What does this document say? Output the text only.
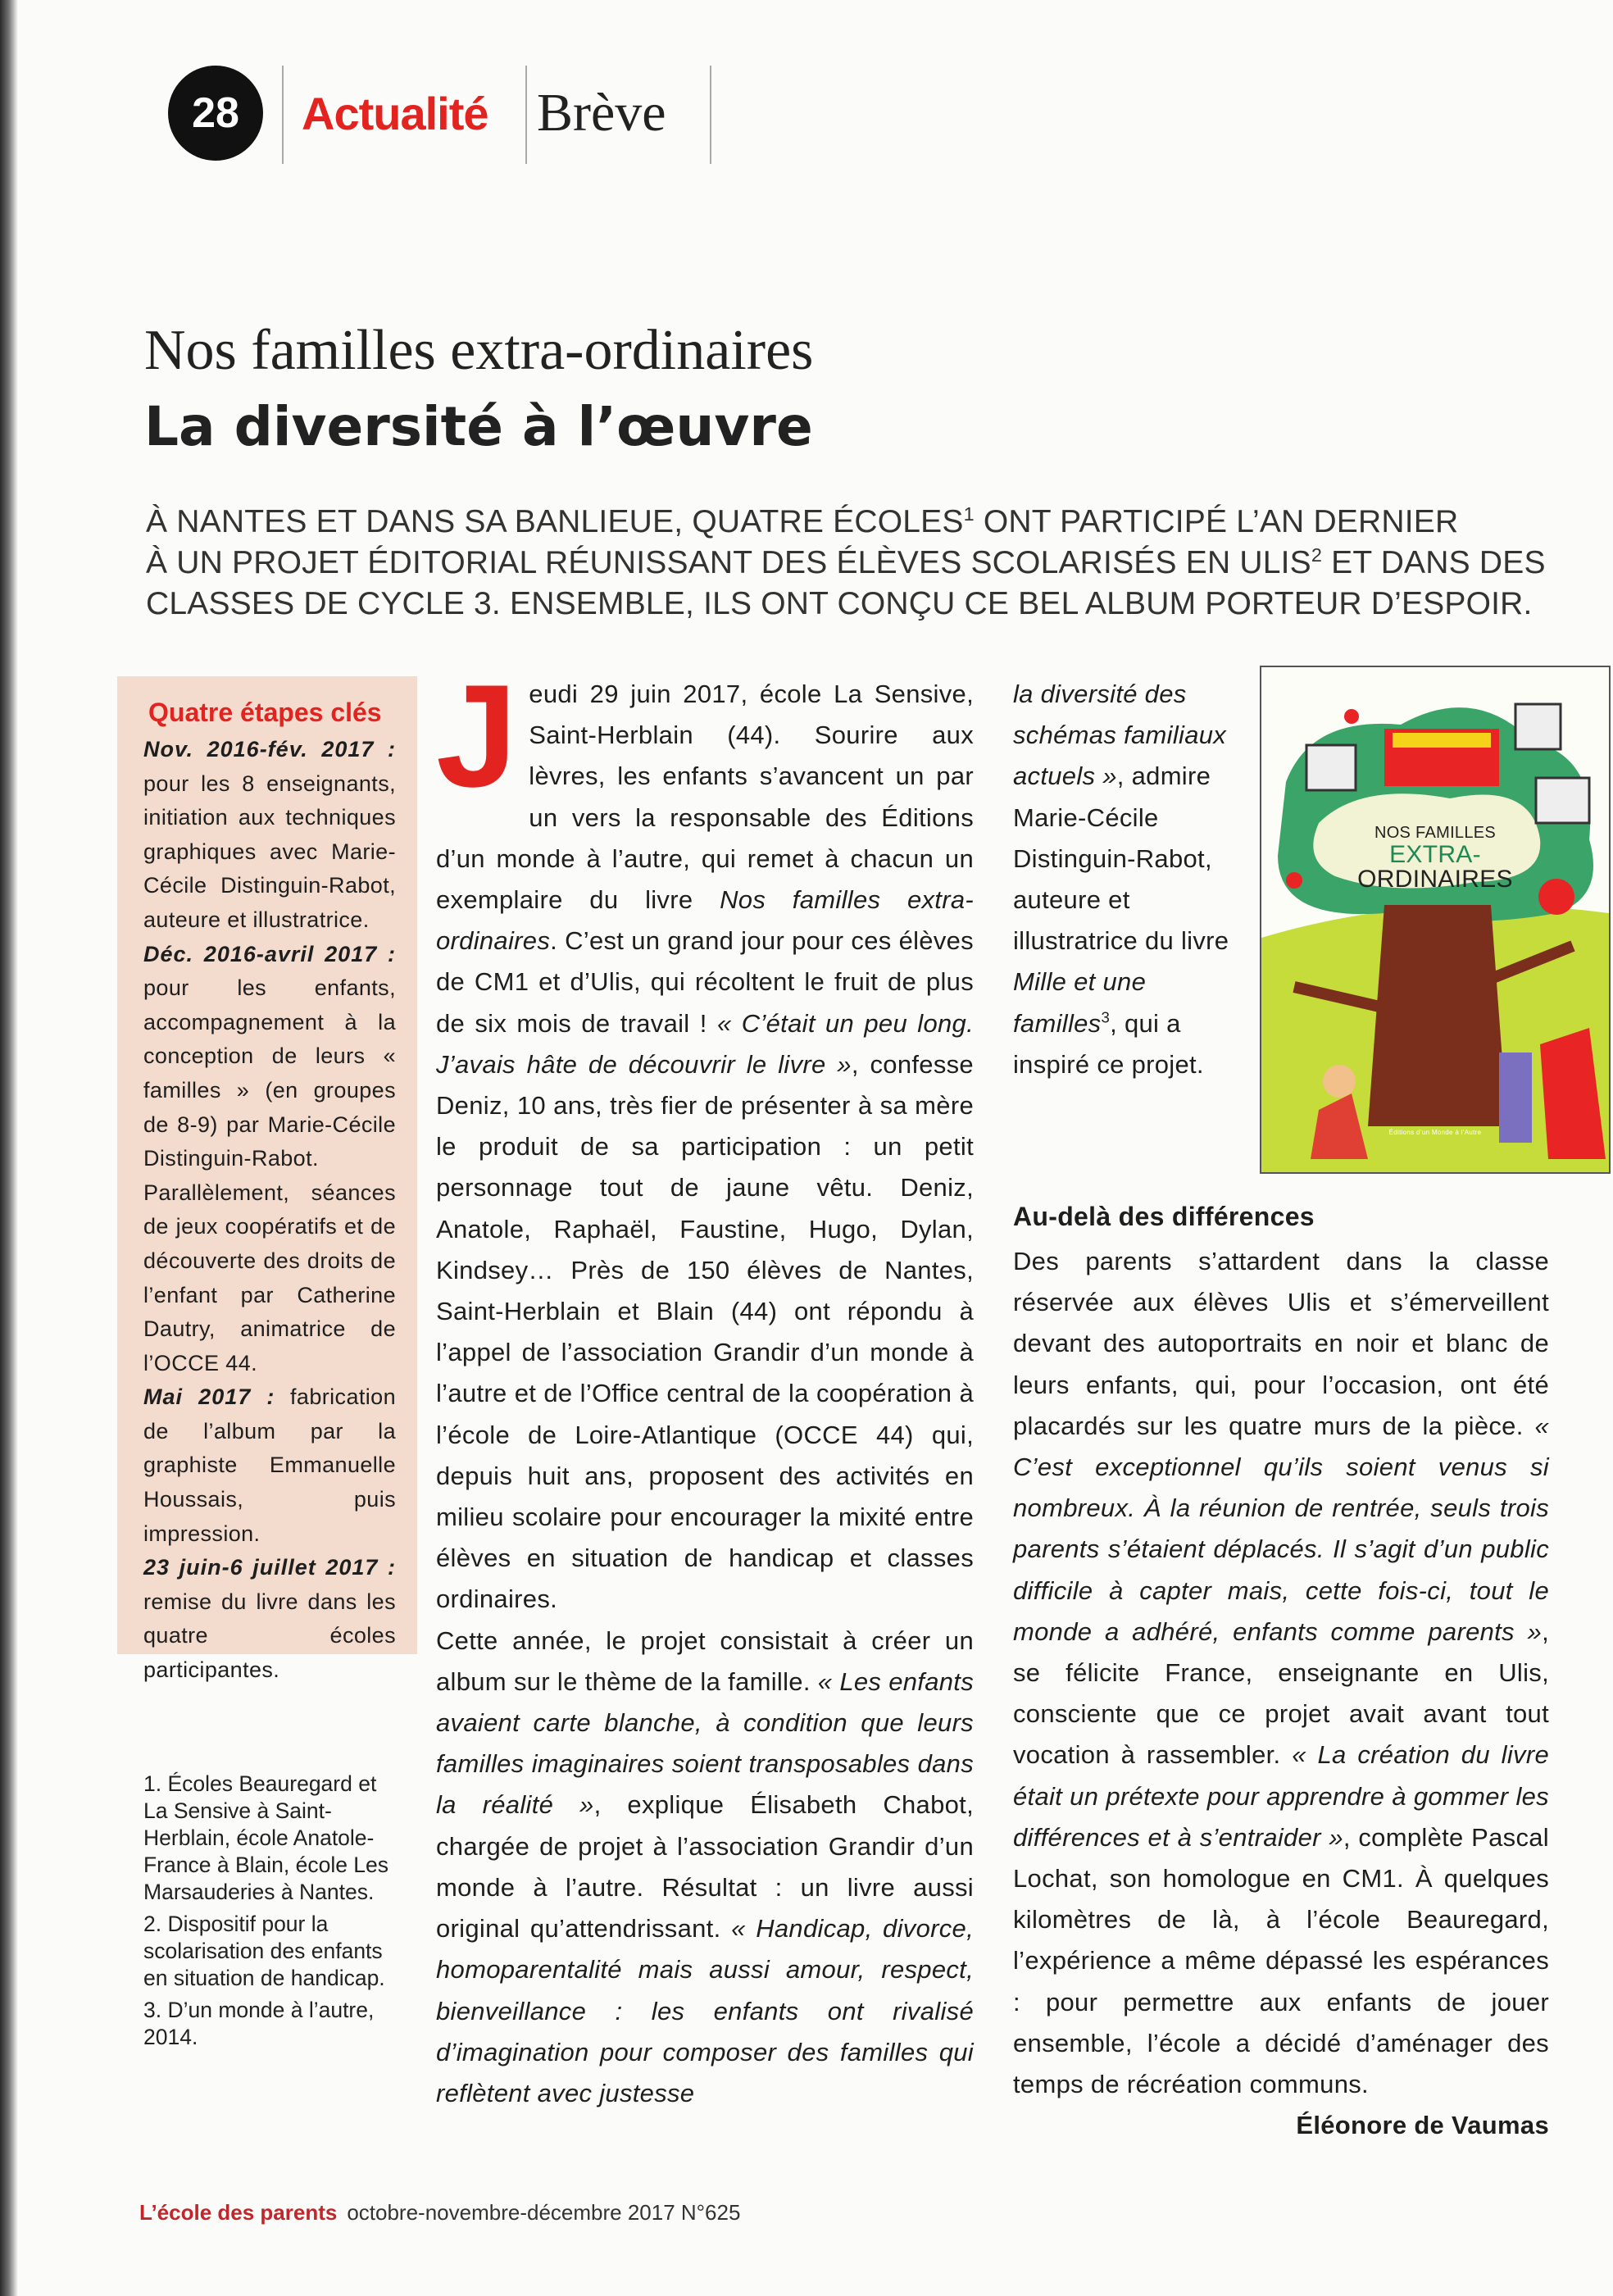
28 Actualité Brève
Nos familles extra-ordinaires
La diversité à l’œuvre
À NANTES ET DANS SA BANLIEUE, QUATRE ÉCOLES$^1$ ONT PARTICIPÉ L’AN DERNIER
À UN PROJET ÉDITORIAL RÉUNISSANT DES ÉLÈVES SCOLARISÉS EN ULIS$^2$ ET DANS DES
CLASSES DE CYCLE 3. ENSEMBLE, ILS ONT CONÇU CE BEL ALBUM PORTEUR D’ESPOIR.
Quatre étapes clés

Nov. 2016-fév. 2017 : pour les 8 enseignants, initiation aux techniques graphiques avec Marie-Cécile Distinguin-Rabot, auteure et illustratrice.

Déc. 2016-avril 2017 : pour les enfants, accompagnement à la conception de leurs « familles » (en groupes de 8-9) par Marie-Cécile Distinguin-Rabot. Parallèlement, séances de jeux coopératifs et de découverte des droits de l’enfant par Catherine Dautry, animatrice de l’OCCE 44.

Mai 2017 : fabrication de l’album par la graphiste Emmanuelle Houssais, puis impression.

23 juin-6 juillet 2017 : remise du livre dans les quatre écoles participantes.

1. Écoles Beauregard et La Sensive à Saint-Herblain, école Anatole-France à Blain, école Les Marsauderies à Nantes.

2. Dispositif pour la scolarisation des enfants en situation de handicap.

3. D’un monde à l’autre, 2014.

J eudi 29 juin 2017, école La Sensive, Saint-Herblain (44). Sourire aux lèvres, les enfants s’avancent un par un vers la responsable des Éditions d’un monde à l’autre, qui remet à chacun un exemplaire du livre Nos familles extra-ordinaires. C’est un grand jour pour ces élèves de CM1 et d’Ulis, qui récoltent le fruit de plus de six mois de travail ! « C’était un peu long. J’avais hâte de découvrir le livre », confesse Deniz, 10 ans, très fier de présenter à sa mère le produit de sa participation : un petit personnage tout de jaune vêtu. Deniz, Anatole, Raphaël, Faustine, Hugo, Dylan, Kindsey… Près de 150 élèves de Nantes, Saint-Herblain et Blain (44) ont répondu à l’appel de l’association Grandir d’un monde à l’autre et de l’Office central de la coopération à l’école de Loire-Atlantique (OCCE 44) qui, depuis huit ans, proposent des activités en milieu scolaire pour encourager la mixité entre élèves en situation de handicap et classes ordinaires.

Cette année, le projet consistait à créer un album sur le thème de la famille. « Les enfants avaient carte blanche, à condition que leurs familles imaginaires soient transposables dans la réalité », explique Élisabeth Chabot, chargée de projet à l’association Grandir d’un monde à l’autre. Résultat : un livre aussi original qu’attendrissant. « Handicap, divorce, homoparentalité mais aussi amour, respect, bienveillance : les enfants ont rivalisé d’imagination pour composer des familles qui reflètent avec justesse

NOS FAMILLES
EXTRA-
ORDINAIRES
Éditions d’un Monde à l’Autre

la diversité des schémas familiaux actuels », admire Marie-Cécile Distinguin-Rabot, auteure et illustratrice du livre Mille et une familles$^3$, qui a inspiré ce projet.

Au-delà des différences

Des parents s’attardent dans la classe réservée aux élèves Ulis et s’émerveillent devant des autoportraits en noir et blanc de leurs enfants, qui, pour l’occasion, ont été placardés sur les quatre murs de la pièce. « C’est exceptionnel qu’ils soient venus si nombreux. À la réunion de rentrée, seuls trois parents s’étaient déplacés. Il s’agit d’un public difficile à capter mais, cette fois-ci, tout le monde a adhéré, enfants comme parents », se félicite France, enseignante en Ulis, consciente que ce projet avait avant tout vocation à rassembler. « La création du livre était un prétexte pour apprendre à gommer les différences et à s’entraider », complète Pascal Lochat, son homologue en CM1. À quelques kilomètres de là, à l’école Beauregard, l’expérience a même dépassé les espérances : pour permettre aux enfants de jouer ensemble, l’école a décidé d’aménager des temps de récréation communs.
Éléonore de Vaumas

L’école des parents octobre-novembre-décembre 2017 N°625
